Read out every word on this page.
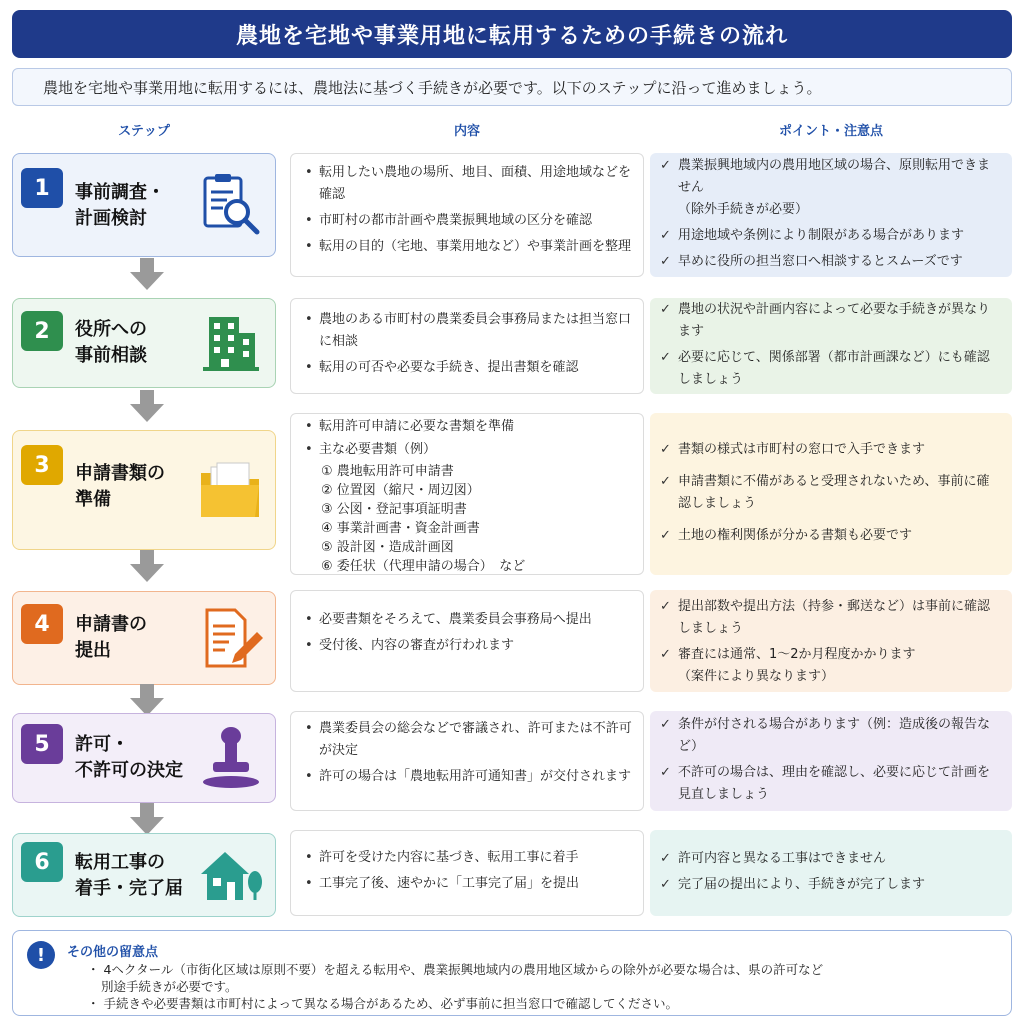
農地を宅地や事業用地に転用するための手続きの流れ
農地を宅地や事業用地に転用するには、農地法に基づく手続きが必要です。以下のステップに沿って進めましょう。
ステップ	内容	ポイント・注意点
1	事前調査・
計画検討
• 転用したい農地の場所、地目、面積、用途地域などを確認
• 市町村の都市計画や農業振興地域の区分を確認
• 転用の目的（宅地、事業用地など）や事業計画を整理
✓ 農業振興地域内の農用地区域の場合、原則転用できません
（除外手続きが必要）
✓ 用途地域や条例により制限がある場合があります
✓ 早めに役所の担当窓口へ相談するとスムーズです
2	役所への
事前相談
• 農地のある市町村の農業委員会事務局または担当窓口に相談
• 転用の可否や必要な手続き、提出書類を確認
✓ 農地の状況や計画内容によって必要な手続きが異なります
✓ 必要に応じて、関係部署（都市計画課など）にも確認しましょう
3	申請書類の
準備
• 転用許可申請に必要な書類を準備
• 主な必要書類（例）
① 農地転用許可申請書
② 位置図（縮尺・周辺図）
③ 公図・登記事項証明書
④ 事業計画書・資金計画書
⑤ 設計図・造成計画図
⑥ 委任状（代理申請の場合）　など
✓ 書類の様式は市町村の窓口で入手できます
✓ 申請書類に不備があると受理されないため、事前に確認しましょう
✓ 土地の権利関係が分かる書類も必要です
4	申請書の
提出
• 必要書類をそろえて、農業委員会事務局へ提出
• 受付後、内容の審査が行われます
✓ 提出部数や提出方法（持参・郵送など）は事前に確認しましょう
✓ 審査には通常、1〜2か月程度かかります
（案件により異なります）
5	許可・
不許可の決定
• 農業委員会の総会などで審議され、許可または不許可が決定
• 許可の場合は「農地転用許可通知書」が交付されます
✓ 条件が付される場合があります（例：造成後の報告など）
✓ 不許可の場合は、理由を確認し、必要に応じて計画を見直しましょう
6	転用工事の
着手・完了届
• 許可を受けた内容に基づき、転用工事に着手
• 工事完了後、速やかに「工事完了届」を提出
✓ 許可内容と異なる工事はできません
✓ 完了届の提出により、手続きが完了します
!	その他の留意点
・ 4ヘクタール（市街化区域は原則不要）を超える転用や、農業振興地域内の農用地区域からの除外が必要な場合は、県の許可など
別途手続きが必要です。
・ 手続きや必要書類は市町村によって異なる場合があるため、必ず事前に担当窓口で確認してください。
